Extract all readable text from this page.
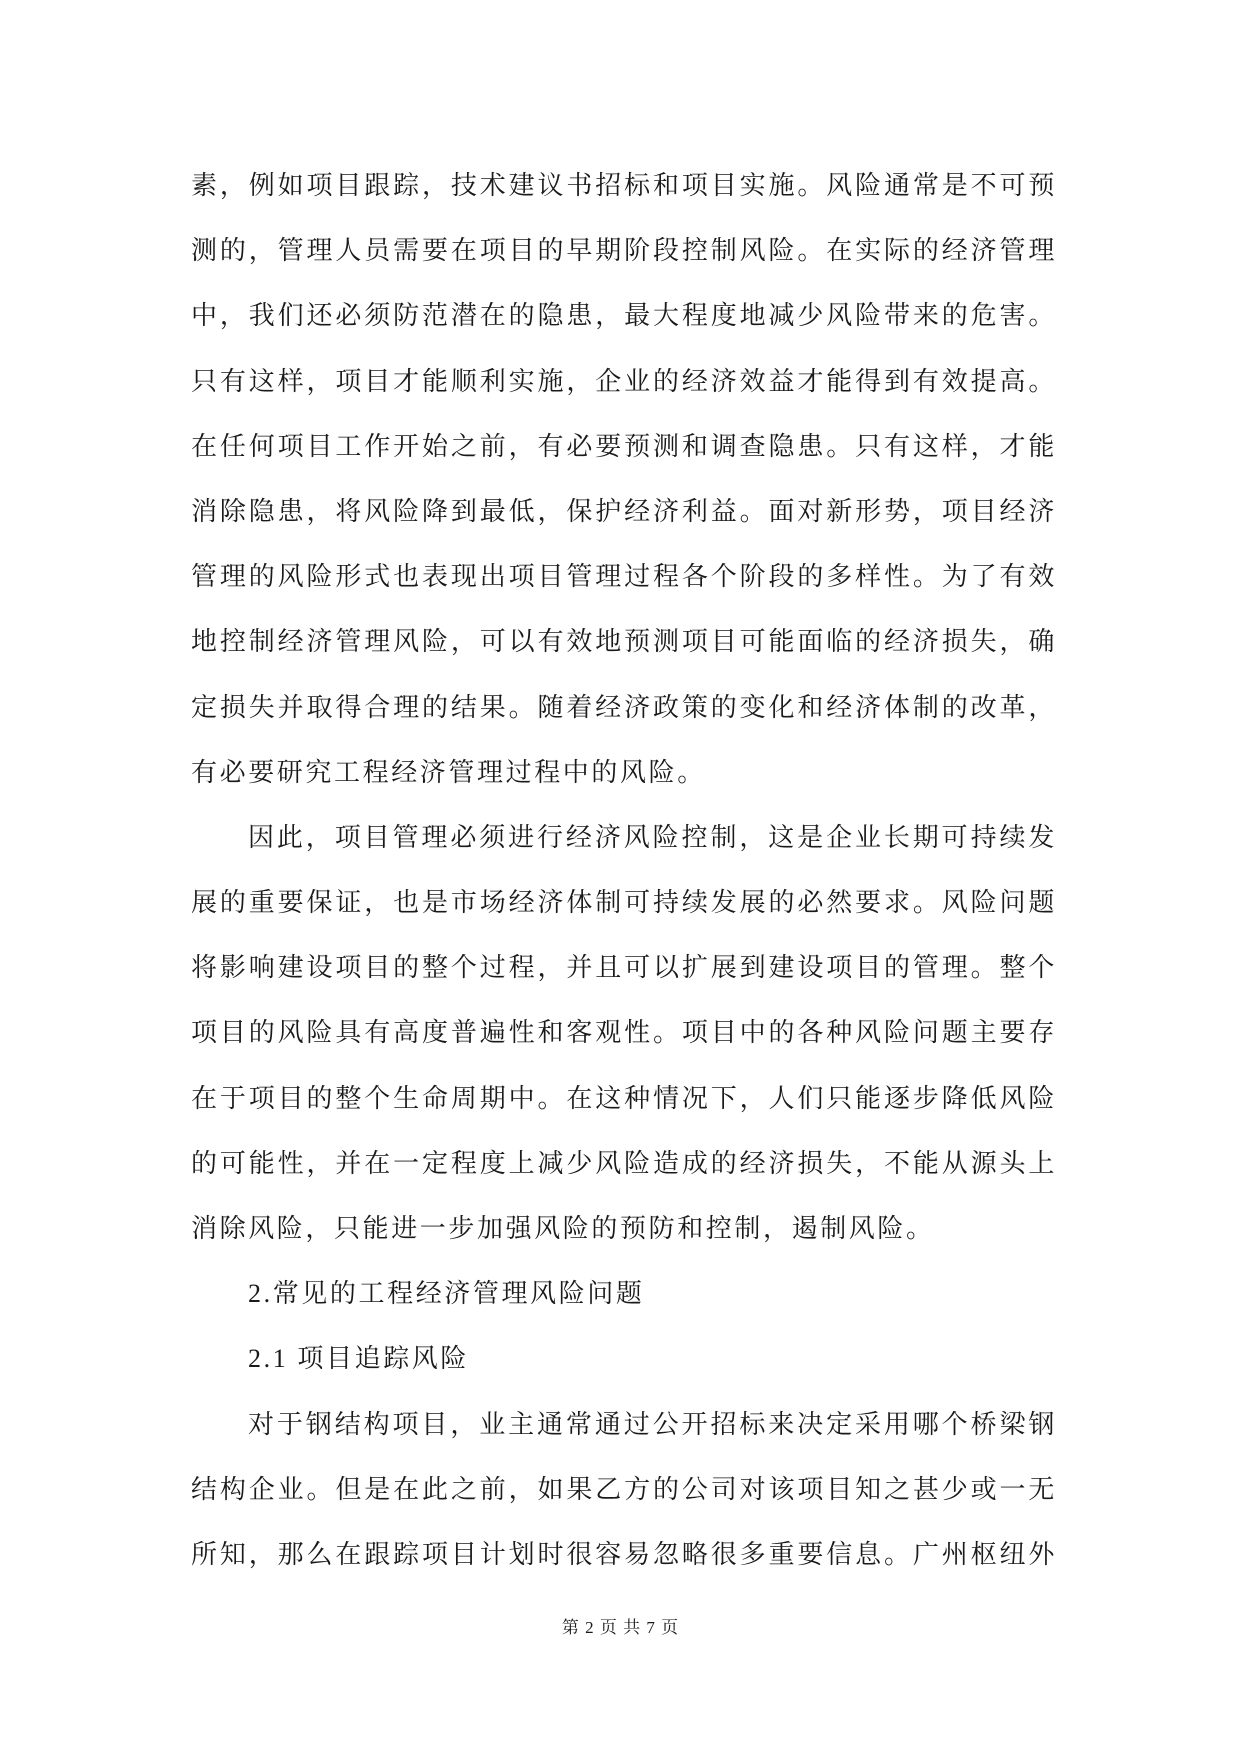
素，例如项目跟踪，技术建议书招标和项目实施。风险通常是不可预
测的，管理人员需要在项目的早期阶段控制风险。在实际的经济管理
中，我们还必须防范潜在的隐患，最大程度地减少风险带来的危害。
只有这样，项目才能顺利实施，企业的经济效益才能得到有效提高。
在任何项目工作开始之前，有必要预测和调查隐患。只有这样，才能
消除隐患，将风险降到最低，保护经济利益。面对新形势，项目经济
管理的风险形式也表现出项目管理过程各个阶段的多样性。为了有效
地控制经济管理风险，可以有效地预测项目可能面临的经济损失，确
定损失并取得合理的结果。随着经济政策的变化和经济体制的改革，
有必要研究工程经济管理过程中的风险。
因此，项目管理必须进行经济风险控制，这是企业长期可持续发
展的重要保证，也是市场经济体制可持续发展的必然要求。风险问题
将影响建设项目的整个过程，并且可以扩展到建设项目的管理。整个
项目的风险具有高度普遍性和客观性。项目中的各种风险问题主要存
在于项目的整个生命周期中。在这种情况下，人们只能逐步降低风险
的可能性，并在一定程度上减少风险造成的经济损失，不能从源头上
消除风险，只能进一步加强风险的预防和控制，遏制风险。
2.常见的工程经济管理风险问题
2.1 项目追踪风险
对于钢结构项目，业主通常通过公开招标来决定采用哪个桥梁钢
结构企业。但是在此之前，如果乙方的公司对该项目知之甚少或一无
所知，那么在跟踪项目计划时很容易忽略很多重要信息。广州枢纽外
第 2 页 共 7 页
